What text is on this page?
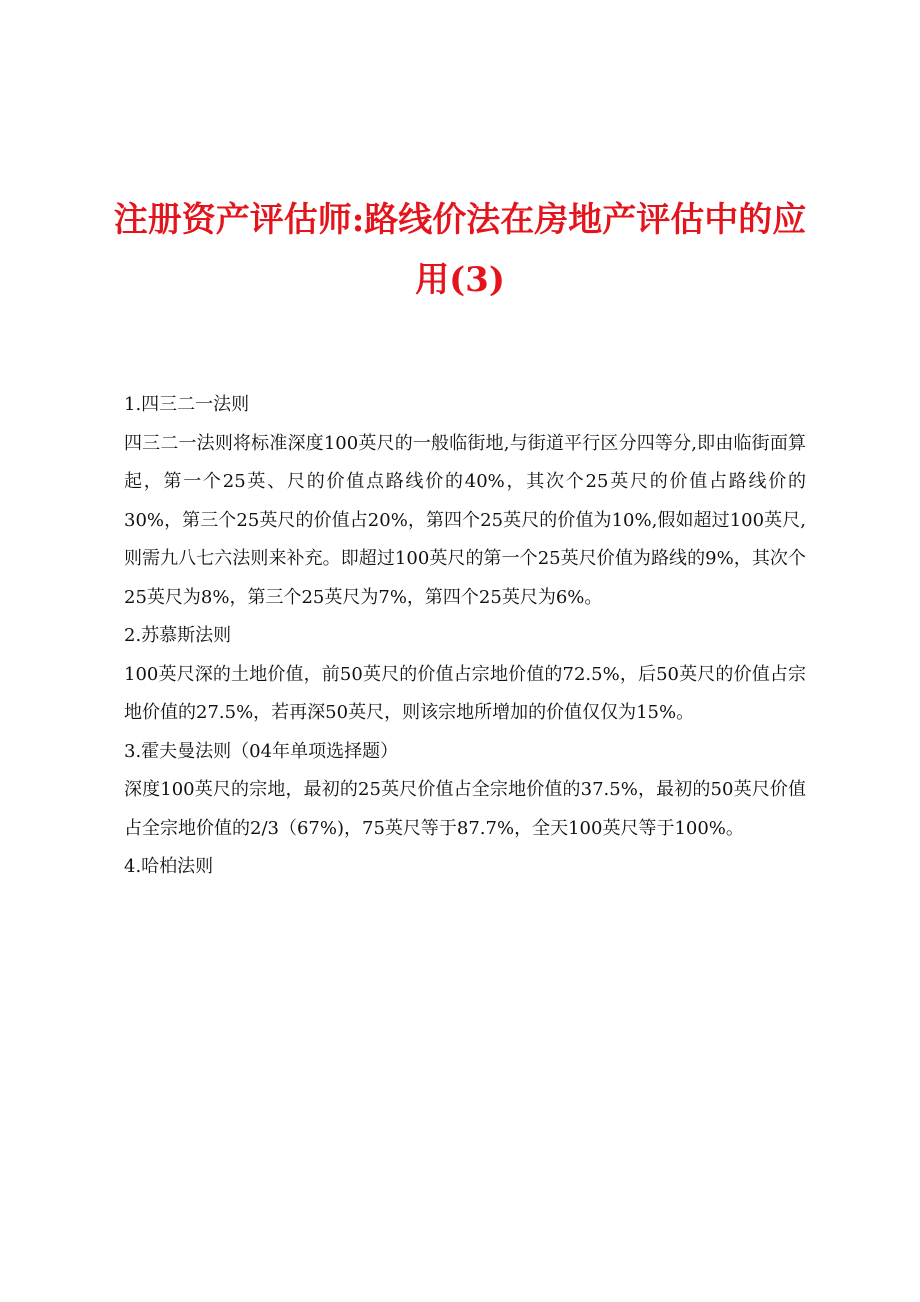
注册资产评估师:路线价法在房地产评估中的应用(3)

1.四三二一法则

四三二一法则将标准深度100英尺的一般临街地,与街道平行区分四等分,即由临街面算起，第一个25英、尺的价值点路线价的40%，其次个25英尺的价值占路线价的30%，第三个25英尺的价值占20%，第四个25英尺的价值为10%,假如超过100英尺,则需九八七六法则来补充。即超过100英尺的第一个25英尺价值为路线的9%，其次个25英尺为8%，第三个25英尺为7%，第四个25英尺为6%。

2.苏慕斯法则

100英尺深的土地价值，前50英尺的价值占宗地价值的72.5%，后50英尺的价值占宗地价值的27.5%，若再深50英尺，则该宗地所增加的价值仅仅为15%。

3.霍夫曼法则（04年单项选择题）

深度100英尺的宗地，最初的25英尺价值占全宗地价值的37.5%，最初的50英尺价值占全宗地价值的2/3（67%)，75英尺等于87.7%，全天100英尺等于100%。

4.哈柏法则
